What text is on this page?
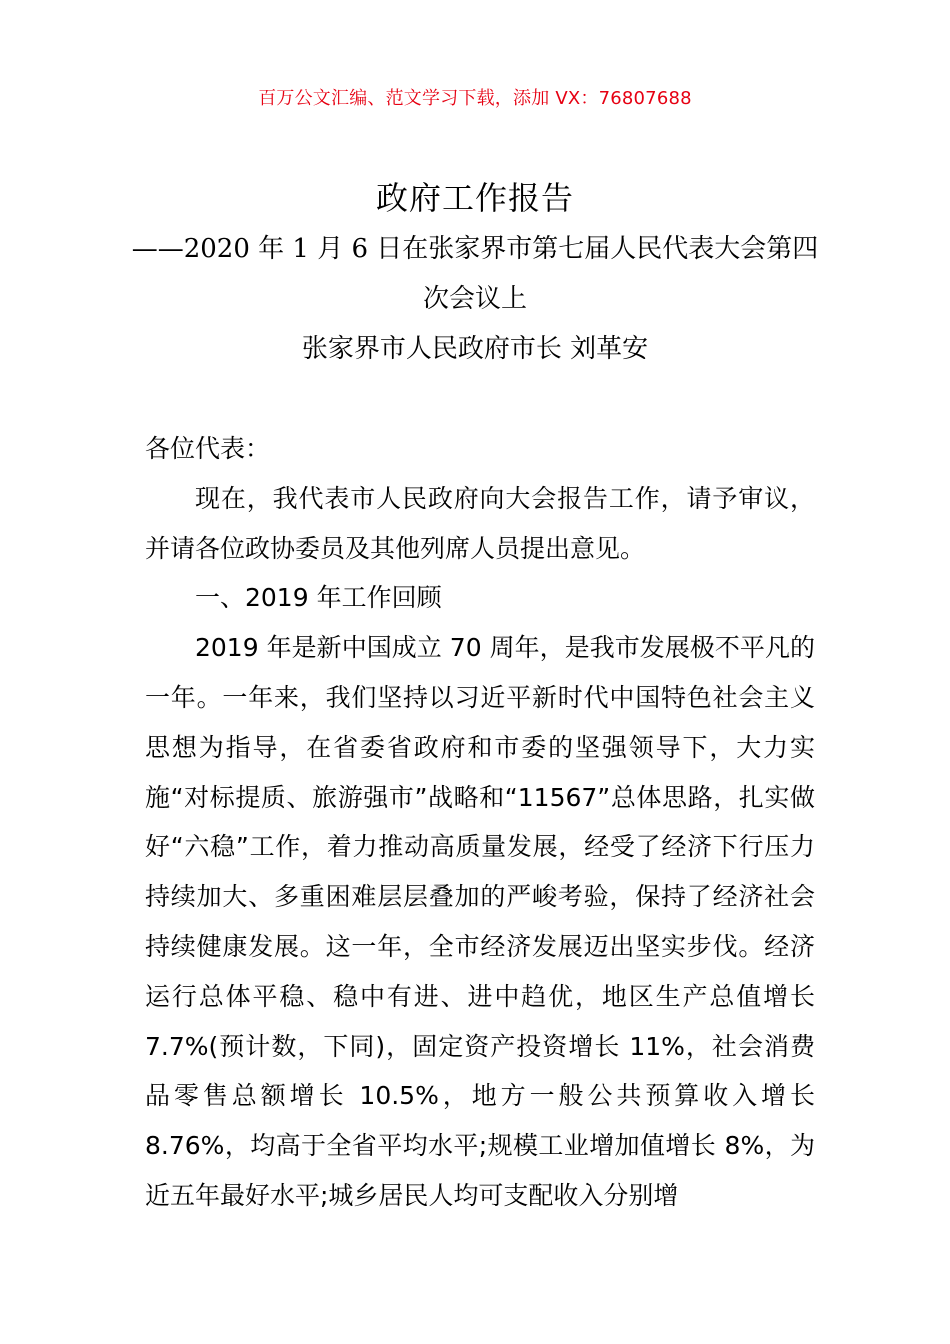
百万公文汇编、范文学习下载，添加 VX：76807688
政府工作报告
——2020 年 1 月 6 日在张家界市第七届人民代表大会第四
次会议上
张家界市人民政府市长 刘革安

各位代表：

现在，我代表市人民政府向大会报告工作，请予审议，并请各位政协委员及其他列席人员提出意见。

一、2019 年工作回顾

2019 年是新中国成立 70 周年，是我市发展极不平凡的一年。一年来，我们坚持以习近平新时代中国特色社会主义思想为指导，在省委省政府和市委的坚强领导下，大力实施“对标提质、旅游强市”战略和“11567”总体思路，扎实做好“六稳”工作，着力推动高质量发展，经受了经济下行压力持续加大、多重困难层层叠加的严峻考验，保持了经济社会持续健康发展。这一年，全市经济发展迈出坚实步伐。经济运行总体平稳、稳中有进、进中趋优，地区生产总值增长 7.7%(预计数，下同)，固定资产投资增长 11%，社会消费品零售总额增长 10.5%，地方一般公共预算收入增长 8.76%，均高于全省平均水平;规模工业增加值增长 8%，为近五年最好水平;城乡居民人均可支配收入分别增
